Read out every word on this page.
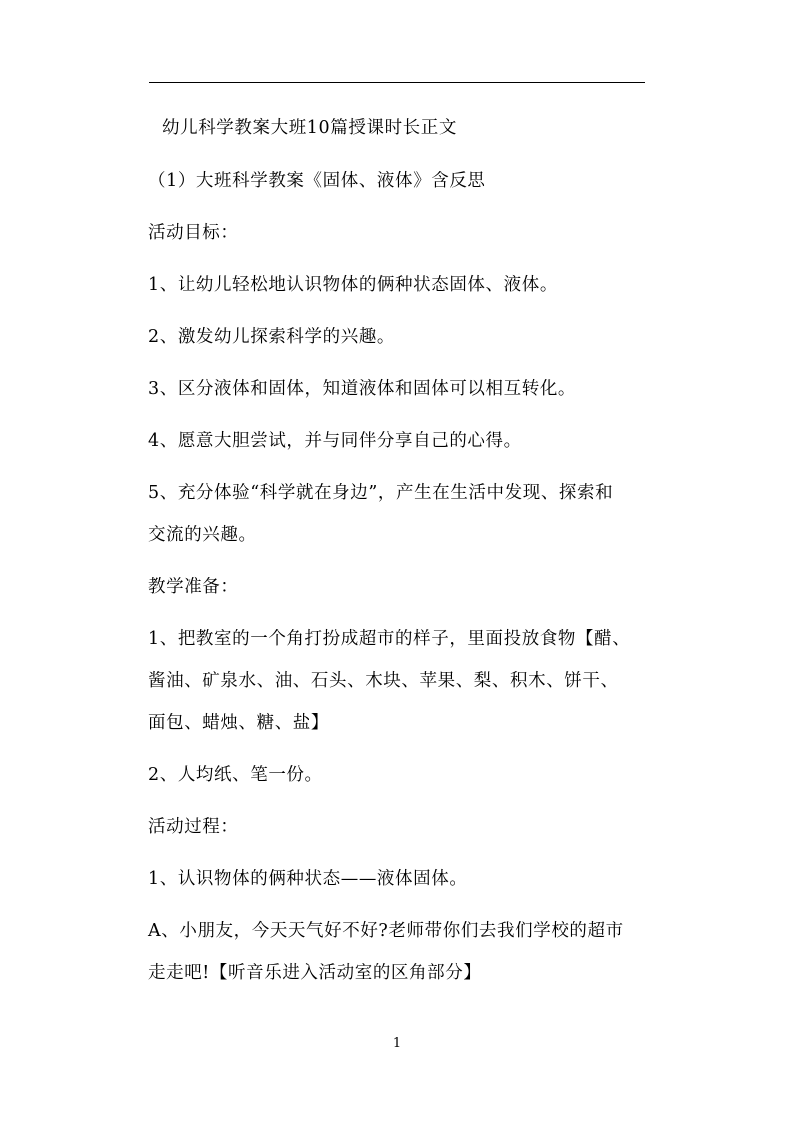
幼儿科学教案大班10篇授课时长正文
（1）大班科学教案《固体、液体》含反思
活动目标：
1、让幼儿轻松地认识物体的俩种状态固体、液体。
2、激发幼儿探索科学的兴趣。
3、区分液体和固体，知道液体和固体可以相互转化。
4、愿意大胆尝试，并与同伴分享自己的心得。
5、充分体验“科学就在身边”，产生在生活中发现、探索和
交流的兴趣。
教学准备：
1、把教室的一个角打扮成超市的样子，里面投放食物【醋、
酱油、矿泉水、油、石头、木块、苹果、梨、积木、饼干、
面包、蜡烛、糖、盐】
2、人均纸、笔一份。
活动过程：
1、认识物体的俩种状态——液体固体。
A、小朋友，今天天气好不好?老师带你们去我们学校的超市
走走吧!【听音乐进入活动室的区角部分】
1
